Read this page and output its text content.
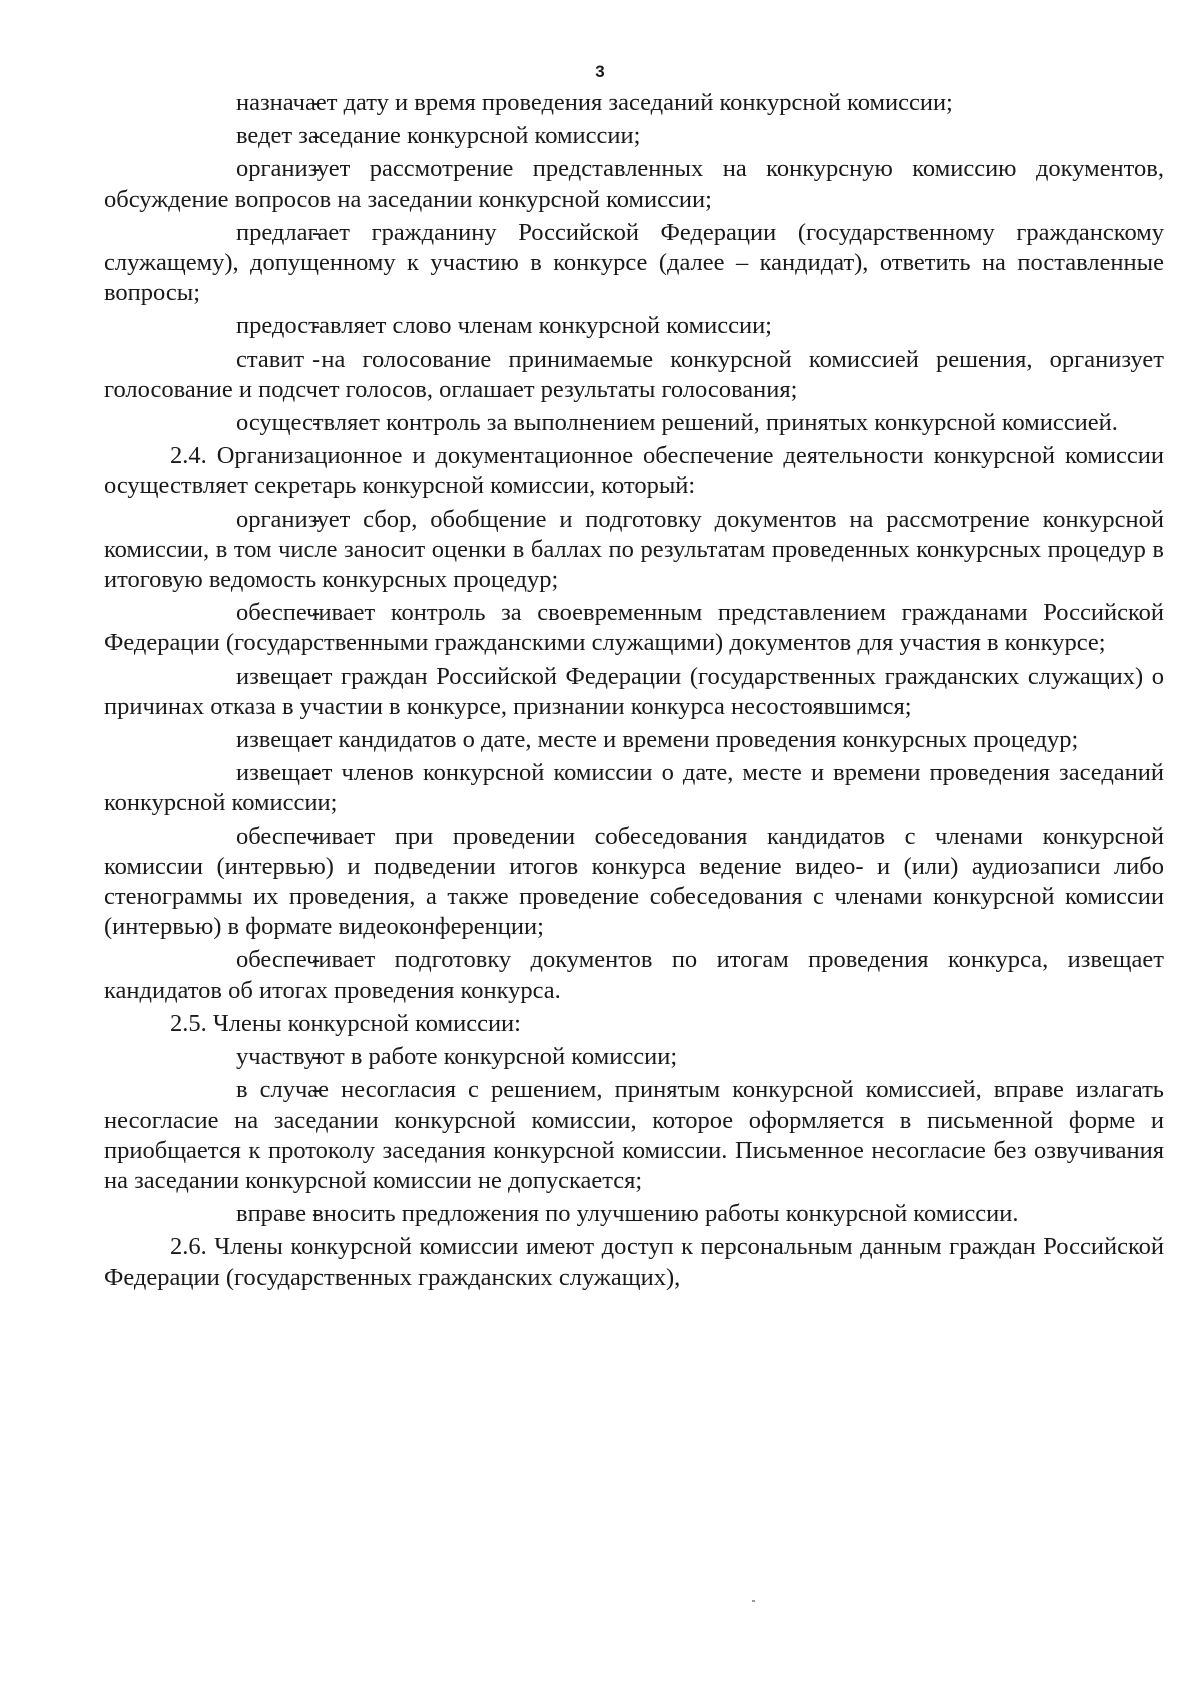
3

- назначает дату и время проведения заседаний конкурсной комиссии;

- ведет заседание конкурсной комиссии;

- организует рассмотрение представленных на конкурсную комиссию документов, обсуждение вопросов на заседании конкурсной комиссии;

- предлагает гражданину Российской Федерации (государственному гражданскому служащему), допущенному к участию в конкурсе (далее – кандидат), ответить на поставленные вопросы;

- предоставляет слово членам конкурсной комиссии;

- ставит на голосование принимаемые конкурсной комиссией решения, организует голосование и подсчет голосов, оглашает результаты голосования;

- осуществляет контроль за выполнением решений, принятых конкурсной комиссией.

2.4. Организационное и документационное обеспечение деятельности конкурсной комиссии осуществляет секретарь конкурсной комиссии, который:

- организует сбор, обобщение и подготовку документов на рассмотрение конкурсной комиссии, в том числе заносит оценки в баллах по результатам проведенных конкурсных процедур в итоговую ведомость конкурсных процедур;

- обеспечивает контроль за своевременным представлением гражданами Российской Федерации (государственными гражданскими служащими) документов для участия в конкурсе;

- извещает граждан Российской Федерации (государственных гражданских служащих) о причинах отказа в участии в конкурсе, признании конкурса несостоявшимся;

- извещает кандидатов о дате, месте и времени проведения конкурсных процедур;

- извещает членов конкурсной комиссии о дате, месте и времени проведения заседаний конкурсной комиссии;

- обеспечивает при проведении собеседования кандидатов с членами конкурсной комиссии (интервью) и подведении итогов конкурса ведение видео- и (или) аудиозаписи либо стенограммы их проведения, а также проведение собеседования с членами конкурсной комиссии (интервью) в формате видеоконференции;

- обеспечивает подготовку документов по итогам проведения конкурса, извещает кандидатов об итогах проведения конкурса.

2.5. Члены конкурсной комиссии:

- участвуют в работе конкурсной комиссии;

- в случае несогласия с решением, принятым конкурсной комиссией, вправе излагать несогласие на заседании конкурсной комиссии, которое оформляется в письменной форме и приобщается к протоколу заседания конкурсной комиссии. Письменное несогласие без озвучивания на заседании конкурсной комиссии не допускается;

- вправе вносить предложения по улучшению работы конкурсной комиссии.

2.6. Члены конкурсной комиссии имеют доступ к персональным данным граждан Российской Федерации (государственных гражданских служащих),
